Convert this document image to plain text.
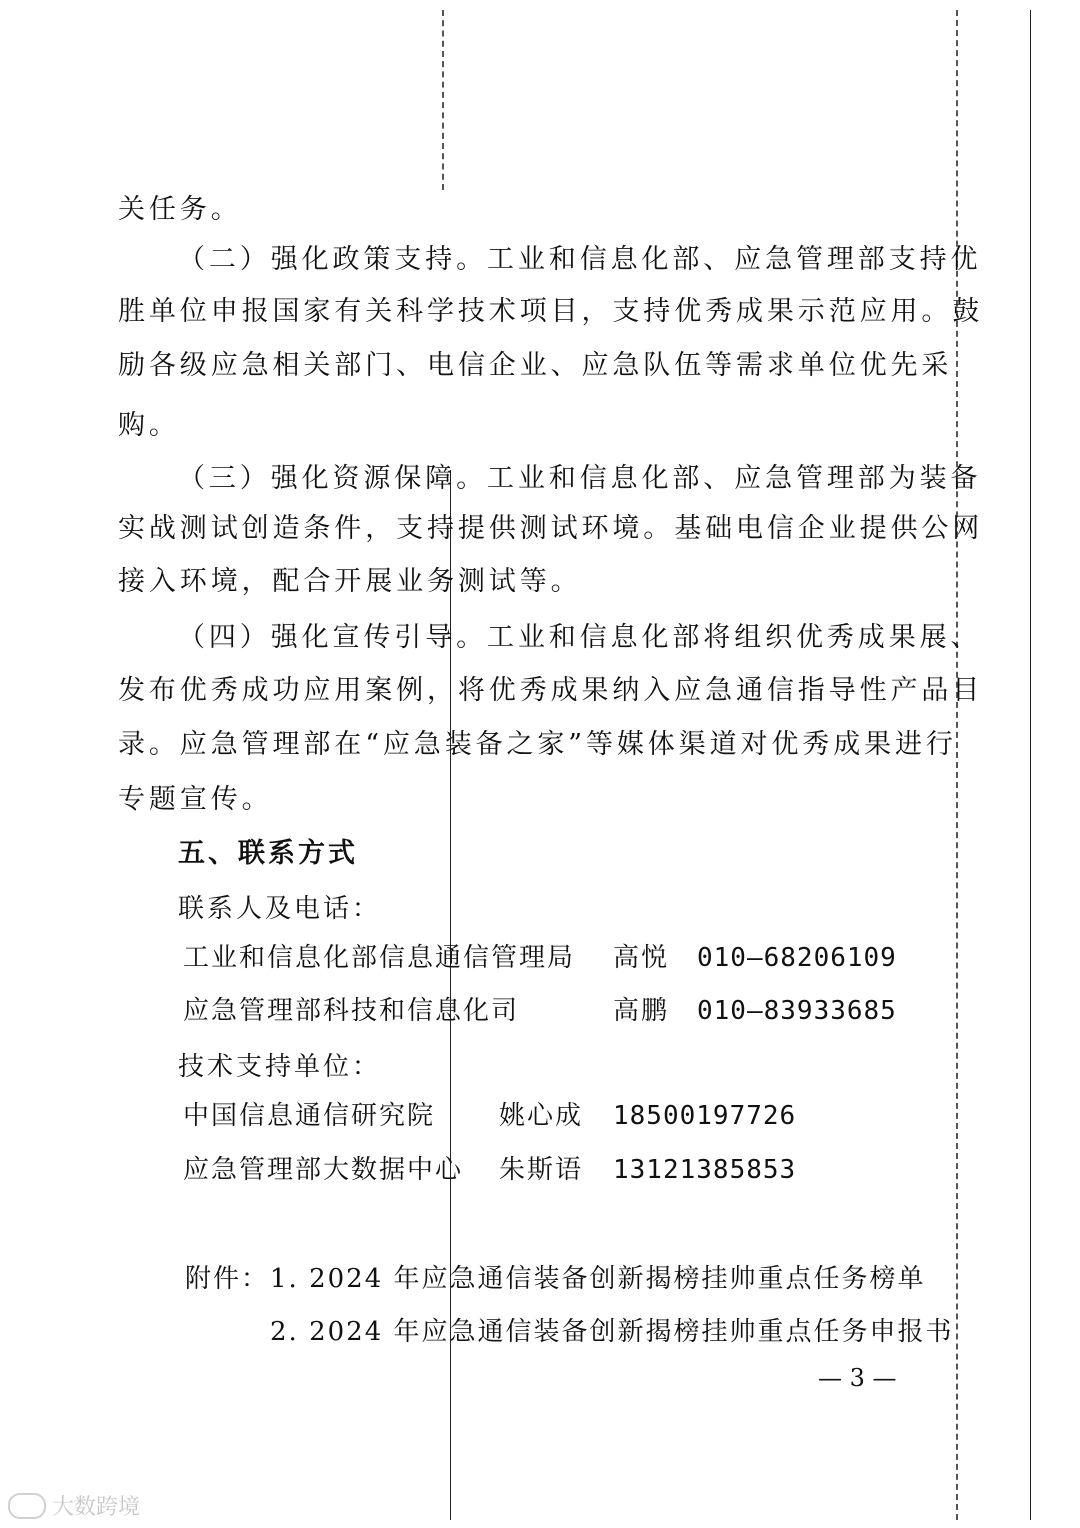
关任务。
（二）强化政策支持。工业和信息化部、应急管理部支持优
胜单位申报国家有关科学技术项目，支持优秀成果示范应用。鼓
励各级应急相关部门、电信企业、应急队伍等需求单位优先采
购。
（三）强化资源保障。工业和信息化部、应急管理部为装备
实战测试创造条件，支持提供测试环境。基础电信企业提供公网
接入环境，配合开展业务测试等。
（四）强化宣传引导。工业和信息化部将组织优秀成果展、
发布优秀成功应用案例，将优秀成果纳入应急通信指导性产品目
录。应急管理部在“应急装备之家”等媒体渠道对优秀成果进行
专题宣传。
五、联系方式
联系人及电话：
工业和信息化部信息通信管理局 高悦 010—68206109
应急管理部科技和信息化司	高鹏 010—83933685
技术支持单位：
中国信息通信研究院 姚心成 18500197726
应急管理部大数据中心 朱斯语 13121385853
附件： 1. 2024 年应急通信装备创新揭榜挂帅重点任务榜单
2. 2024 年应急通信装备创新揭榜挂帅重点任务申报书
— 3 —
大数跨境
